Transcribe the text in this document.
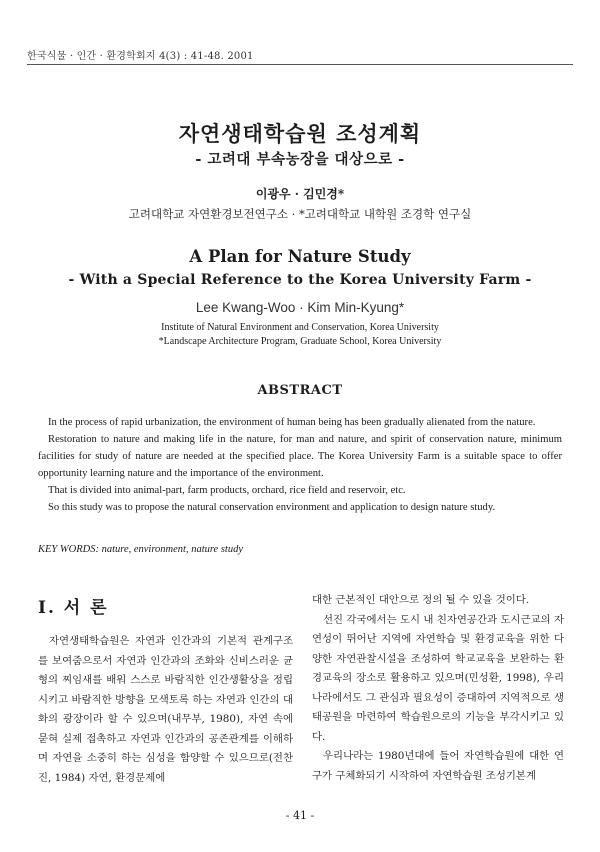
한국식물 · 인간 · 환경학회지 4(3) : 41-48. 2001
자연생태학습원 조성계획
- 고려대 부속농장을 대상으로 -
이광우 · 김민경*
고려대학교 자연환경보전연구소 · *고려대학교 내학원 조경학 연구실
A Plan for Nature Study
- With a Special Reference to the Korea University Farm -
Lee Kwang-Woo · Kim Min-Kyung*
Institute of Natural Environment and Conservation, Korea University
*Landscape Architecture Program, Graduate School, Korea University
ABSTRACT

In the process of rapid urbanization, the environment of human being has been gradually alienated from the nature.

Restoration to nature and making life in the nature, for man and nature, and spirit of conservation nature, minimum facilities for study of nature are needed at the specified place. The Korea University Farm is a suitable space to offer opportunity learning nature and the importance of the environment.

That is divided into animal-part, farm products, orchard, rice field and reservoir, etc.

So this study was to propose the natural conservation environment and application to design nature study.

KEY WORDS: nature, environment, nature study
Ⅰ. 서 론

자연생태학습원은 자연과 인간과의 기본적 관계구조를 보여줌으로서 자연과 인간과의 조화와 신비스러운 균형의 찌임새를 배워 스스로 바람직한 인간생활상을 정립시키고 바람직한 방향을 모색토록 하는 자연과 인간의 대화의 광장이라 할 수 있으며(내무부, 1980), 자연 속에 묻혀 실제 접촉하고 자연과 인간과의 공존관계를 이해하며 자연을 소중히 하는 심성을 함양할 수 있으므로(전찬진, 1984) 자연, 환경문제에

대한 근본적인 대안으로 정의 될 수 있을 것이다.

선진 각국에서는 도시 내 친자연공간과 도시근교의 자연성이 뛰어난 지역에 자연학습 및 환경교육을 위한 다양한 자연관찰시설을 조성하여 학교교육을 보완하는 환경교육의 장소로 활용하고 있으며(민성환, 1998), 우리나라에서도 그 관심과 필요성이 증대하여 지역적으로 생태공원을 마련하여 학습원으로의 기능을 부각시키고 있다.

우리나라는 1980년대에 들어 자연학습원에 대한 연구가 구체화되기 시작하여 자연학습원 조성기본계

- 41 -
